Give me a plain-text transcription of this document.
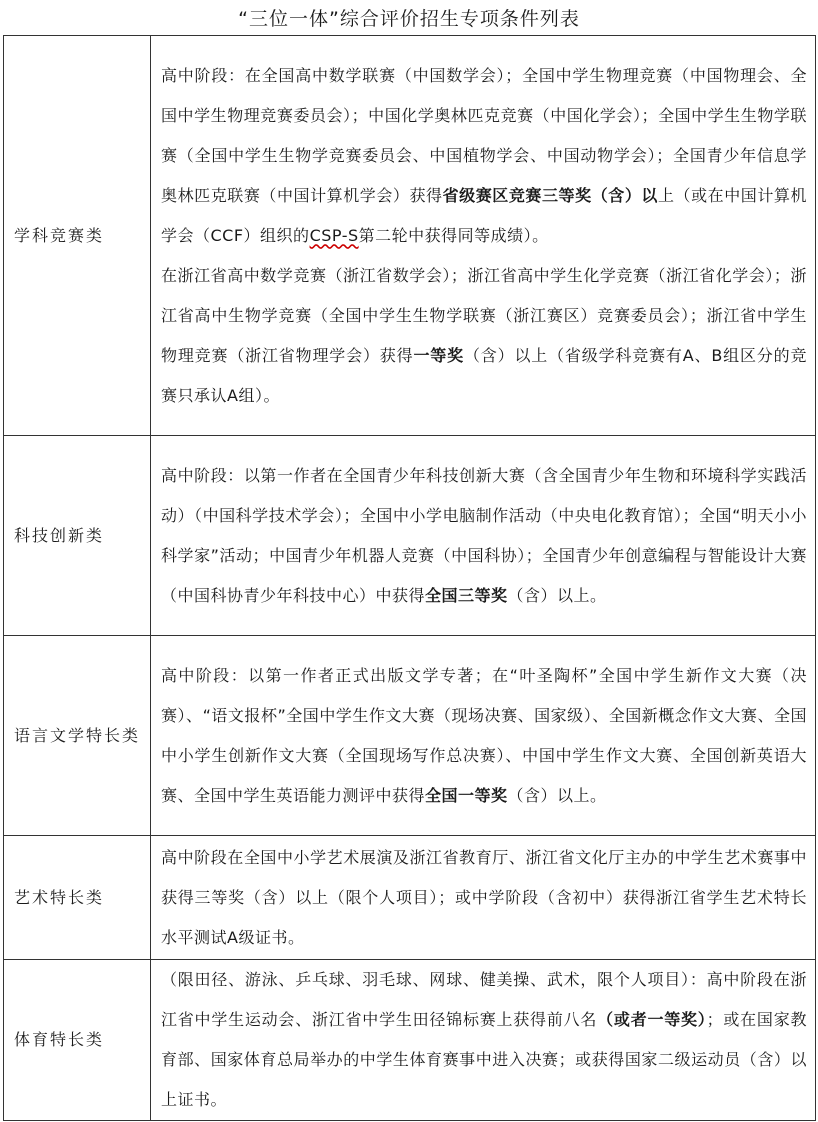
“三位一体”综合评价招生专项条件列表
学科竞赛类	高中阶段：在全国高中数学联赛（中国数学会）；全国中学生物理竞赛（中国物理会、全国中学生物理竞赛委员会）；中国化学奥林匹克竞赛（中国化学会）；全国中学生生物学联赛（全国中学生生物学竞赛委员会、中国植物学会、中国动物学会）；全国青少年信息学奥林匹克联赛（中国计算机学会）获得省级赛区竞赛三等奖（含）以上（或在中国计算机学会（CCF）组织的CSP-S第二轮中获得同等成绩）。

在浙江省高中数学竞赛（浙江省数学会）；浙江省高中学生化学竞赛（浙江省化学会）；浙江省高中生物学竞赛（全国中学生生物学联赛（浙江赛区）竞赛委员会）；浙江省中学生物理竞赛（浙江省物理学会）获得一等奖（含）以上（省级学科竞赛有A、B组区分的竞赛只承认A组）。

科技创新类	高中阶段：以第一作者在全国青少年科技创新大赛（含全国青少年生物和环境科学实践活动）（中国科学技术学会）；全国中小学电脑制作活动（中央电化教育馆）；全国“明天小小科学家”活动；中国青少年机器人竞赛（中国科协）；全国青少年创意编程与智能设计大赛（中国科协青少年科技中心）中获得全国三等奖（含）以上。
语言文学特长类	高中阶段：以第一作者正式出版文学专著；在“叶圣陶杯”全国中学生新作文大赛（决赛）、“语文报杯”全国中学生作文大赛（现场决赛、国家级）、全国新概念作文大赛、全国中小学生创新作文大赛（全国现场写作总决赛）、中国中学生作文大赛、全国创新英语大赛、全国中学生英语能力测评中获得全国一等奖（含）以上。
艺术特长类	高中阶段在全国中小学艺术展演及浙江省教育厅、浙江省文化厅主办的中学生艺术赛事中获得三等奖（含）以上（限个人项目）；或中学阶段（含初中）获得浙江省学生艺术特长水平测试A级证书。
体育特长类	（限田径、游泳、乒乓球、羽毛球、网球、健美操、武术，限个人项目）：高中阶段在浙江省中学生运动会、浙江省中学生田径锦标赛上获得前八名（或者一等奖）；或在国家教育部、国家体育总局举办的中学生体育赛事中进入决赛；或获得国家二级运动员（含）以上证书。
